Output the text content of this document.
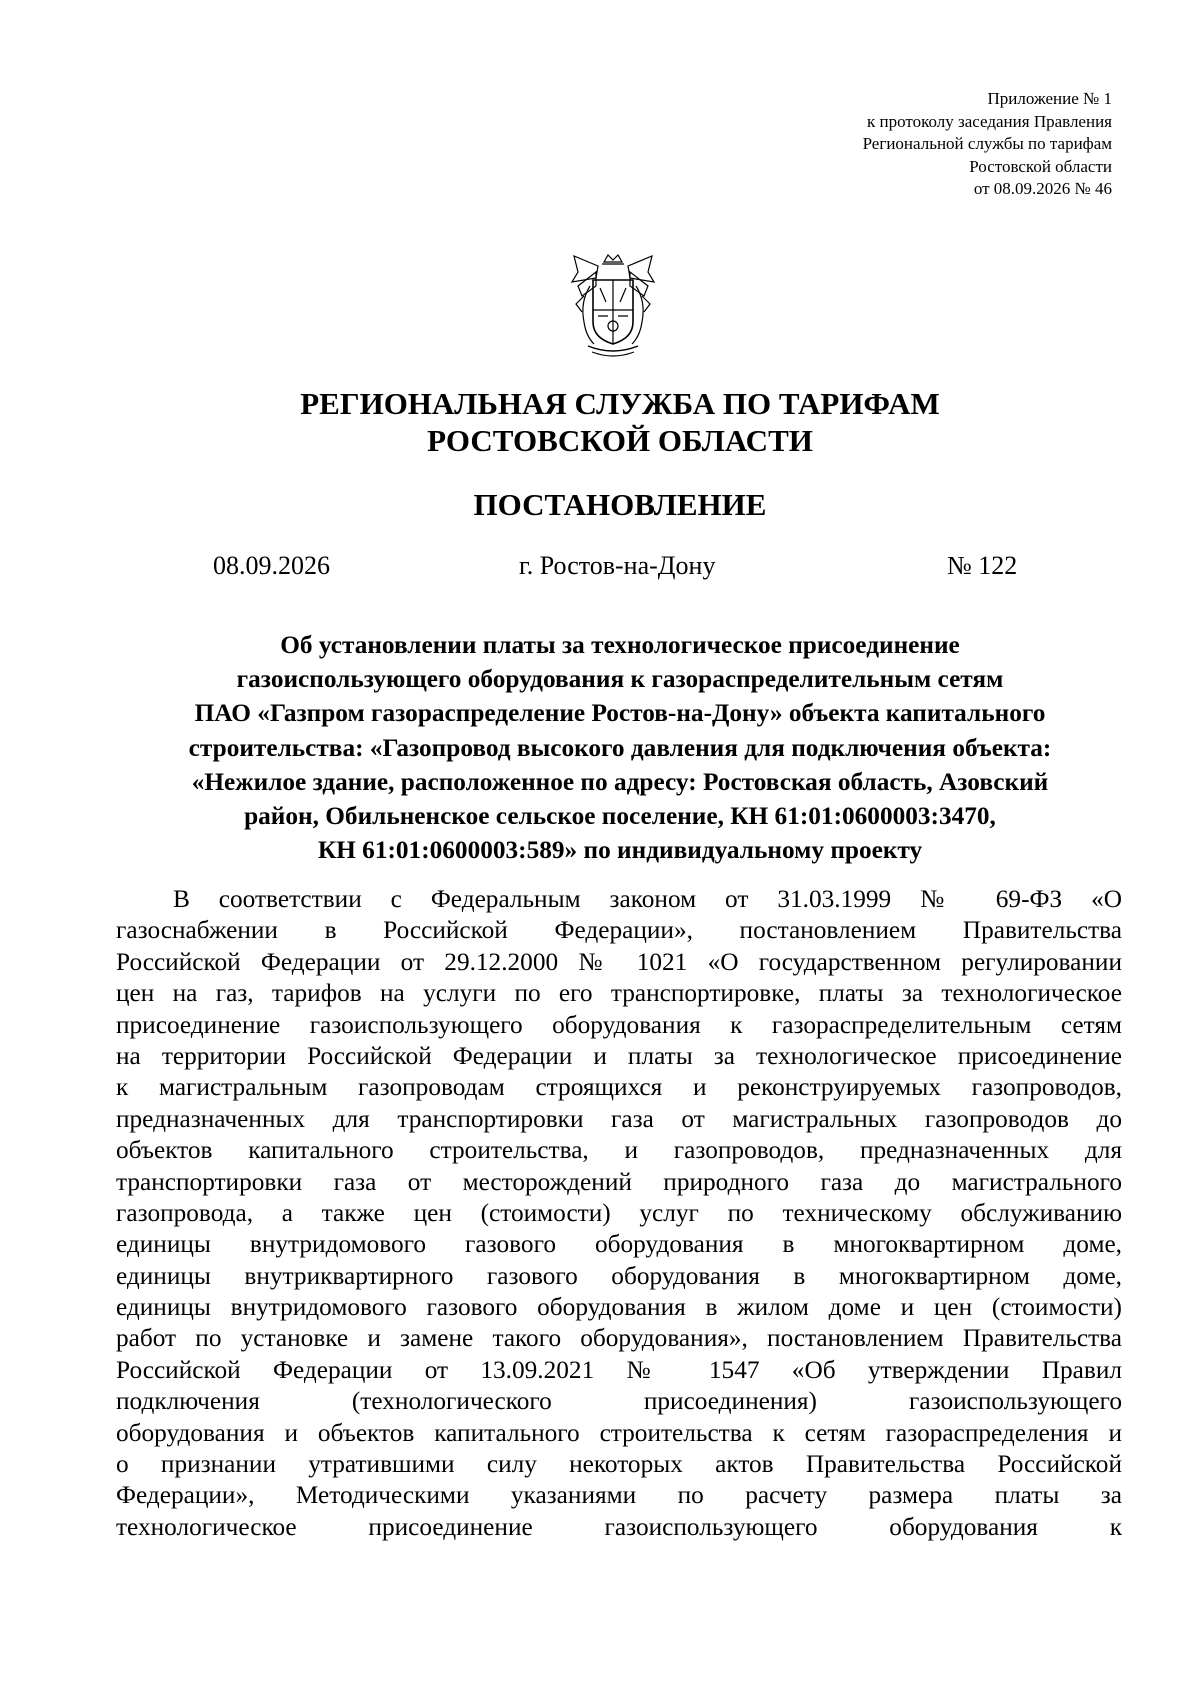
Приложение № 1
к протоколу заседания Правления
Региональной службы по тарифам
Ростовской области
от 08.09.2026 № 46
РЕГИОНАЛЬНАЯ СЛУЖБА ПО ТАРИФАМ
РОСТОВСКОЙ ОБЛАСТИ
ПОСТАНОВЛЕНИЕ
08.09.2026	г. Ростов-на-Дону	№ 122
Об установлении платы за технологическое присоединение
газоиспользующего оборудования к газораспределительным сетям
ПАО «Газпром газораспределение Ростов-на-Дону» объекта капитального
строительства: «Газопровод высокого давления для подключения объекта:
«Нежилое здание, расположенное по адресу: Ростовская область, Азовский
район, Обильненское сельское поселение, КН 61:01:0600003:3470,
КН 61:01:0600003:589» по индивидуальному проекту
В соответствии с Федеральным законом от 31.03.1999 № 69-ФЗ «О
газоснабжении в Российской Федерации», постановлением Правительства
Российской Федерации от 29.12.2000 № 1021 «О государственном регулировании
цен на газ, тарифов на услуги по его транспортировке, платы за технологическое
присоединение газоиспользующего оборудования к газораспределительным сетям
на территории Российской Федерации и платы за технологическое присоединение
к магистральным газопроводам строящихся и реконструируемых газопроводов,
предназначенных для транспортировки газа от магистральных газопроводов до
объектов капитального строительства, и газопроводов, предназначенных для
транспортировки газа от месторождений природного газа до магистрального
газопровода, а также цен (стоимости) услуг по техническому обслуживанию
единицы внутридомового газового оборудования в многоквартирном доме,
единицы внутриквартирного газового оборудования в многоквартирном доме,
единицы внутридомового газового оборудования в жилом доме и цен (стоимости)
работ по установке и замене такого оборудования», постановлением Правительства
Российской Федерации от 13.09.2021 № 1547 «Об утверждении Правил
подключения (технологического присоединения) газоиспользующего
оборудования и объектов капитального строительства к сетям газораспределения и
о признании утратившими силу некоторых актов Правительства Российской
Федерации», Методическими указаниями по расчету размера платы за
технологическое присоединение газоиспользующего оборудования к
